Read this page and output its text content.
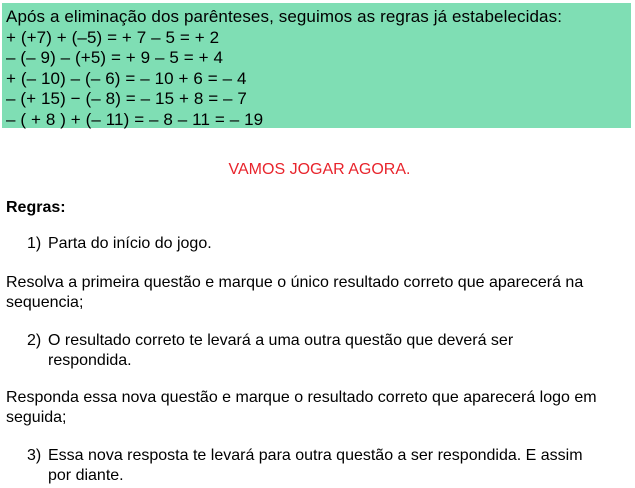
Após a eliminação dos parênteses, seguimos as regras já estabelecidas:
+ (+7) + (–5) = + 7 – 5 = + 2
– (– 9) – (+5) = + 9 – 5 = + 4
+ (– 10) – (– 6) = – 10 + 6 = – 4
– (+ 15) − (– 8) = – 15 + 8 = – 7
– ( + 8 ) + (– 11) = – 8 – 11 = – 19
VAMOS JOGAR AGORA.
Regras:
1) Parta do início do jogo.
Resolva a primeira questão e marque o único resultado correto que aparecerá na sequencia;
2) O resultado correto te levará a uma outra questão que deverá ser respondida.
Responda essa nova questão e marque o resultado correto que aparecerá logo em seguida;
3) Essa nova resposta te levará para outra questão a ser respondida. E assim por diante.
